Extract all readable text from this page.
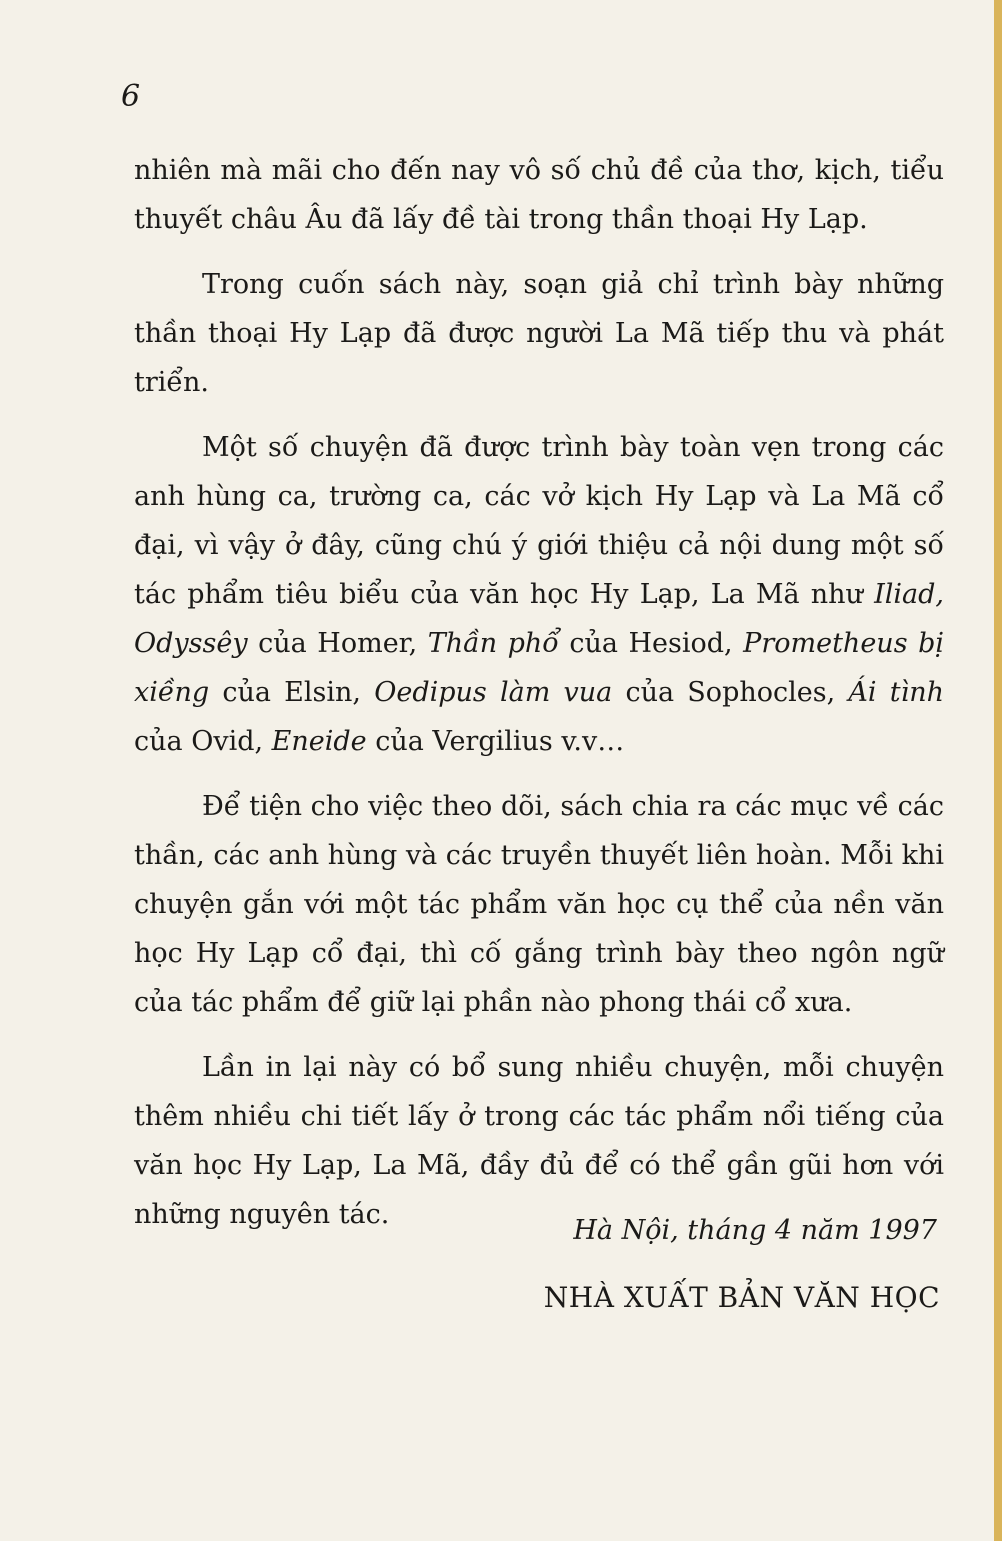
6

nhiên mà mãi cho đến nay vô số chủ đề của thơ, kịch, tiểu thuyết châu Âu đã lấy đề tài trong thần thoại Hy Lạp.

Trong cuốn sách này, soạn giả chỉ trình bày những thần thoại Hy Lạp đã được người La Mã tiếp thu và phát triển.

Một số chuyện đã được trình bày toàn vẹn trong các anh hùng ca, trường ca, các vở kịch Hy Lạp và La Mã cổ đại, vì vậy ở đây, cũng chú ý giới thiệu cả nội dung một số tác phẩm tiêu biểu của văn học Hy Lạp, La Mã như Iliad, Odyssêy của Homer, Thần phổ của Hesiod, Prometheus bị xiềng của Elsin, Oedipus làm vua của Sophocles, Ái tình của Ovid, Eneide của Vergilius v.v…

Để tiện cho việc theo dõi, sách chia ra các mục về các thần, các anh hùng và các truyền thuyết liên hoàn. Mỗi khi chuyện gắn với một tác phẩm văn học cụ thể của nền văn học Hy Lạp cổ đại, thì cố gắng trình bày theo ngôn ngữ của tác phẩm để giữ lại phần nào phong thái cổ xưa.

Lần in lại này có bổ sung nhiều chuyện, mỗi chuyện thêm nhiều chi tiết lấy ở trong các tác phẩm nổi tiếng của văn học Hy Lạp, La Mã, đầy đủ để có thể gần gũi hơn với những nguyên tác.

Hà Nội, tháng 4 năm 1997
NHÀ XUẤT BẢN VĂN HỌC
